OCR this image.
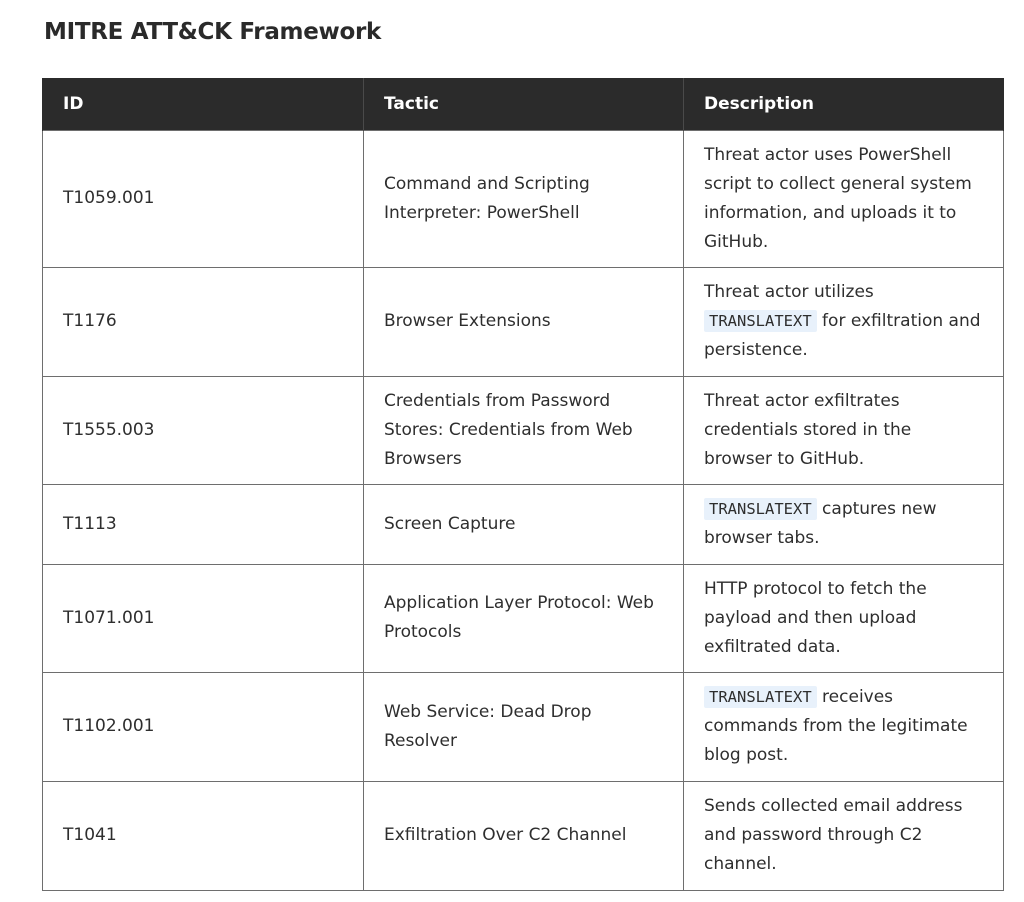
MITRE ATT&CK Framework
ID	Tactic	Description
T1059.001	Command and Scripting Interpreter: PowerShell	Threat actor uses PowerShell script to collect general system information, and uploads it to GitHub.
T1176	Browser Extensions	Threat actor utilizes TRANSLATEXT for exfiltration and persistence.
T1555.003	Credentials from Password Stores: Credentials from Web Browsers	Threat actor exfiltrates credentials stored in the browser to GitHub.
T1113	Screen Capture	TRANSLATEXT captures new browser tabs.
T1071.001	Application Layer Protocol: Web Protocols	HTTP protocol to fetch the payload and then upload exfiltrated data.
T1102.001	Web Service: Dead Drop Resolver	TRANSLATEXT receives commands from the legitimate blog post.
T1041	Exfiltration Over C2 Channel	Sends collected email address and password through C2 channel.
